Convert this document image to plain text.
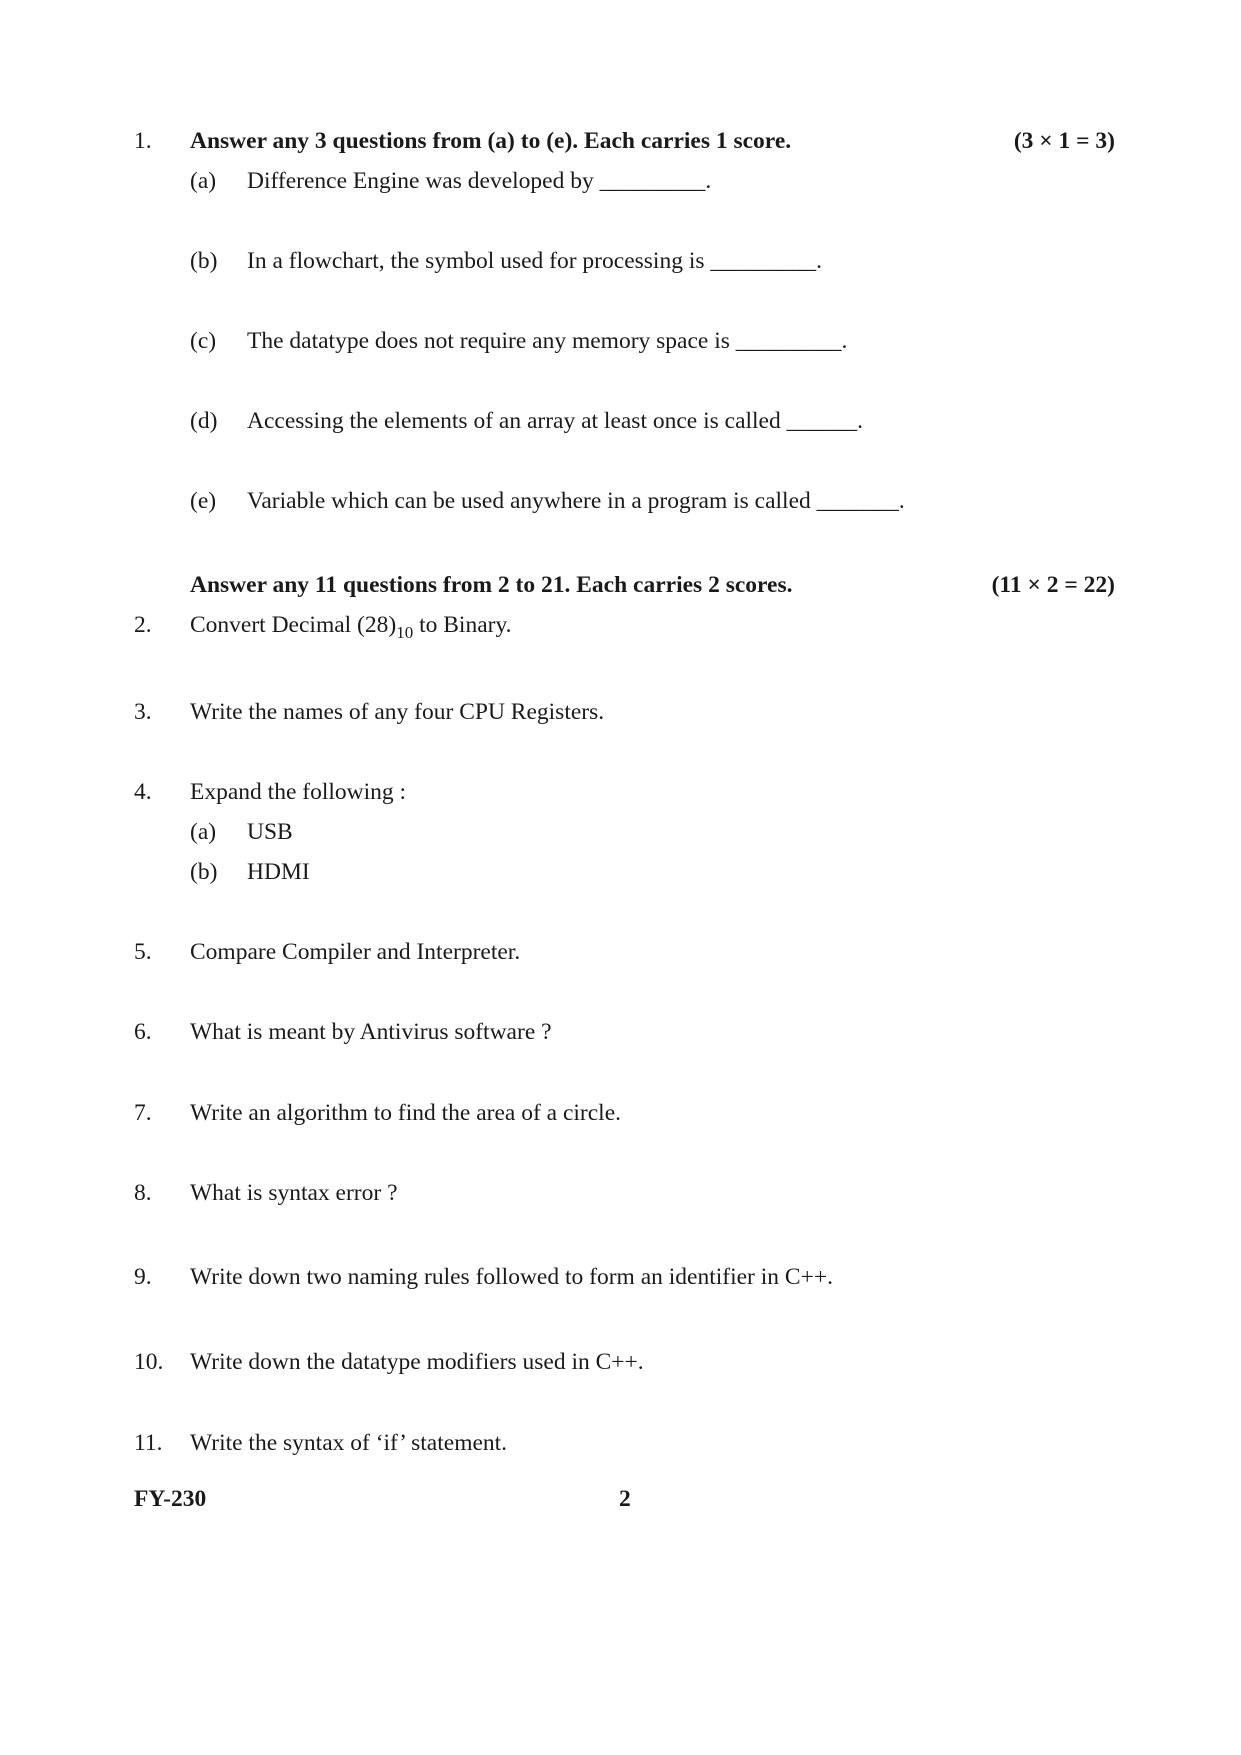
1.	Answer any 3 questions from (a) to (e). Each carries 1 score.	(3 × 1 = 3)
(a) Difference Engine was developed by _________.
(b) In a flowchart, the symbol used for processing is _________.
(c) The datatype does not require any memory space is _________.
(d) Accessing the elements of an array at least once is called ______.
(e) Variable which can be used anywhere in a program is called _______.
Answer any 11 questions from 2 to 21. Each carries 2 scores.	(11 × 2 = 22)
2.	Convert Decimal $(28)_{10}$ to Binary.
3.	Write the names of any four CPU Registers.
4.	Expand the following :
(a) USB
(b) HDMI
5.	Compare Compiler and Interpreter.
6.	What is meant by Antivirus software ?
7.	Write an algorithm to find the area of a circle.
8.	What is syntax error ?
9.	Write down two naming rules followed to form an identifier in C++.
10.	Write down the datatype modifiers used in C++.
11.	Write the syntax of ‘if’ statement.
FY-230	2
